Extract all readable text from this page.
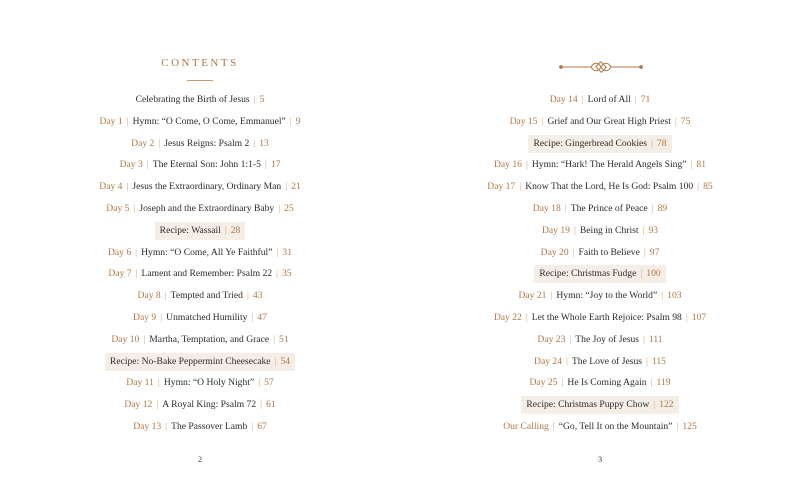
CONTENTS
Celebrating the Birth of Jesus | 5
Day 1 | Hymn: “O Come, O Come, Emmanuel” | 9
Day 2 | Jesus Reigns: Psalm 2 | 13
Day 3 | The Eternal Son: John 1:1-5 | 17
Day 4 | Jesus the Extraordinary, Ordinary Man | 21
Day 5 | Joseph and the Extraordinary Baby | 25
Recipe: Wassail | 28
Day 6 | Hymn: “O Come, All Ye Faithful” | 31
Day 7 | Lament and Remember: Psalm 22 | 35
Day 8 | Tempted and Tried | 43
Day 9 | Unmatched Humility | 47
Day 10 | Martha, Temptation, and Grace | 51
Recipe: No-Bake Peppermint Cheesecake | 54
Day 11 | Hymn: “O Holy Night” | 57
Day 12 | A Royal King: Psalm 72 | 61
Day 13 | The Passover Lamb | 67
2
Day 14 | Lord of All | 71
Day 15 | Grief and Our Great High Priest | 75
Recipe: Gingerbread Cookies | 78
Day 16 | Hymn: “Hark! The Herald Angels Sing” | 81
Day 17 | Know That the Lord, He Is God: Psalm 100 | 85
Day 18 | The Prince of Peace | 89
Day 19 | Being in Christ | 93
Day 20 | Faith to Believe | 97
Recipe: Christmas Fudge | 100
Day 21 | Hymn: “Joy to the World” | 103
Day 22 | Let the Whole Earth Rejoice: Psalm 98 | 107
Day 23 | The Joy of Jesus | 111
Day 24 | The Love of Jesus | 115
Day 25 | He Is Coming Again | 119
Recipe: Christmas Puppy Chow | 122
Our Calling | “Go, Tell It on the Mountain” | 125
3
